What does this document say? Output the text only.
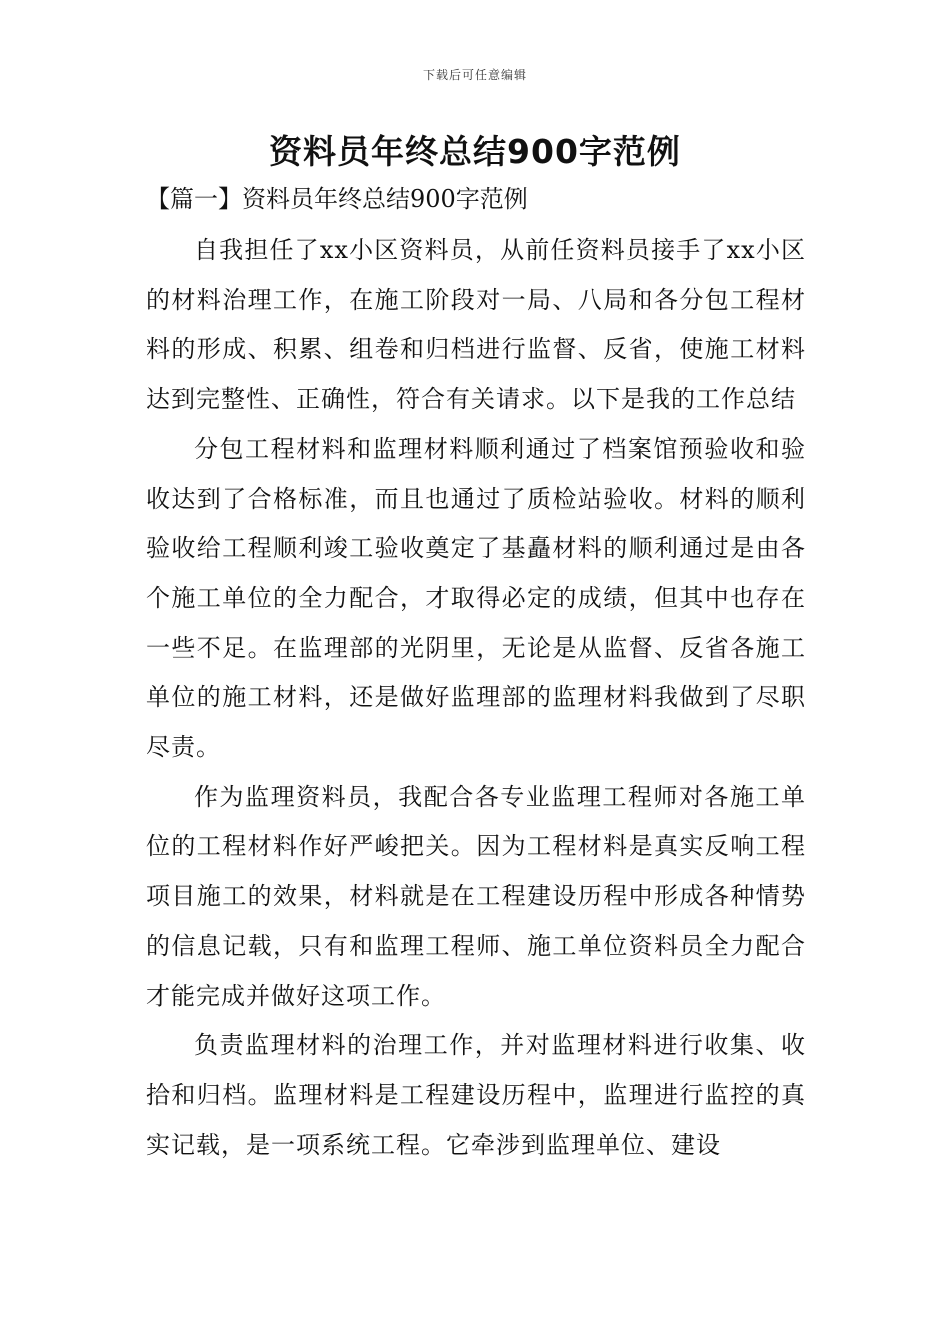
下载后可任意编辑
资料员年终总结900字范例
【篇一】资料员年终总结900字范例

自我担任了xx小区资料员，从前任资料员接手了xx小区的材料治理工作，在施工阶段对一局、八局和各分包工程材料的形成、积累、组卷和归档进行监督、反省，使施工材料达到完整性、正确性，符合有关请求。以下是我的工作总结

分包工程材料和监理材料顺利通过了档案馆预验收和验收达到了合格标准，而且也通过了质检站验收。材料的顺利验收给工程顺利竣工验收奠定了基矗材料的顺利通过是由各个施工单位的全力配合，才取得必定的成绩，但其中也存在一些不足。在监理部的光阴里，无论是从监督、反省各施工单位的施工材料，还是做好监理部的监理材料我做到了尽职尽责。

作为监理资料员，我配合各专业监理工程师对各施工单位的工程材料作好严峻把关。因为工程材料是真实反响工程项目施工的效果，材料就是在工程建设历程中形成各种情势的信息记载，只有和监理工程师、施工单位资料员全力配合才能完成并做好这项工作。

负责监理材料的治理工作，并对监理材料进行收集、收拾和归档。监理材料是工程建设历程中，监理进行监控的真实记载，是一项系统工程。它牵涉到监理单位、建设
